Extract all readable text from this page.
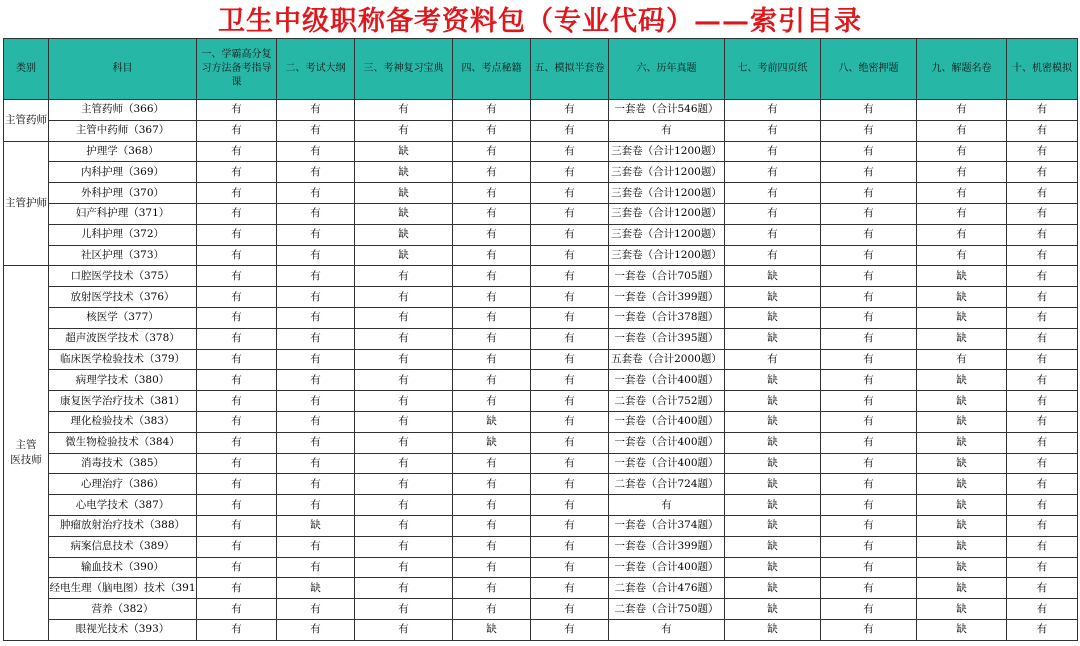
卫生中级职称备考资料包（专业代码）——索引目录
类别	科目	一、学霸高分复习方法备考指导课	二、考试大纲	三、考神复习宝典	四、考点秘籍	五、模拟半套卷	六、历年真题	七、考前四页纸	八、绝密押题	九、解题名卷	十、机密模拟
主管药师	主管药师（366）	有	有	有	有	有	一套卷（合计546题）	有	有	有	有
	主管中药师（367）	有	有	有	有	有	有	有	有	有	有
主管护师	护理学（368）	有	有	缺	有	有	三套卷（合计1200题）	有	有	有	有
	内科护理（369）	有	有	缺	有	有	三套卷（合计1200题）	有	有	有	有
	外科护理（370）	有	有	缺	有	有	三套卷（合计1200题）	有	有	有	有
	妇产科护理（371）	有	有	缺	有	有	三套卷（合计1200题）	有	有	有	有
	儿科护理（372）	有	有	缺	有	有	三套卷（合计1200题）	有	有	有	有
	社区护理（373）	有	有	缺	有	有	三套卷（合计1200题）	有	有	有	有
主管
医技师	口腔医学技术（375）	有	有	有	有	有	一套卷（合计705题）	缺	有	缺	有
	放射医学技术（376）	有	有	有	有	有	一套卷（合计399题）	缺	有	缺	有
	核医学（377）	有	有	有	有	有	一套卷（合计378题）	缺	有	缺	有
	超声波医学技术（378）	有	有	有	有	有	一套卷（合计395题）	缺	有	缺	有
	临床医学检验技术（379）	有	有	有	有	有	五套卷（合计2000题）	有	有	有	有
	病理学技术（380）	有	有	有	有	有	一套卷（合计400题）	缺	有	缺	有
	康复医学治疗技术（381）	有	有	有	有	有	二套卷（合计752题）	缺	有	缺	有
	理化检验技术（383）	有	有	有	缺	有	一套卷（合计400题）	缺	有	缺	有
	微生物检验技术（384）	有	有	有	缺	有	一套卷（合计400题）	缺	有	缺	有
	消毒技术（385）	有	有	有	有	有	一套卷（合计400题）	缺	有	缺	有
	心理治疗（386）	有	有	有	有	有	二套卷（合计724题）	缺	有	缺	有
	心电学技术（387）	有	有	有	有	有	有	缺	有	缺	有
	肿瘤放射治疗技术（388）	有	缺	有	有	有	一套卷（合计374题）	缺	有	缺	有
	病案信息技术（389）	有	有	有	有	有	一套卷（合计399题）	缺	有	缺	有
	输血技术（390）	有	有	有	有	有	一套卷（合计400题）	缺	有	缺	有
	经电生理（脑电图）技术（391	有	缺	有	有	有	二套卷（合计476题）	缺	有	缺	有
	营养（382）	有	有	有	有	有	二套卷（合计750题）	缺	有	缺	有
	眼视光技术（393）	有	有	有	缺	有	有	缺	有	缺	有
